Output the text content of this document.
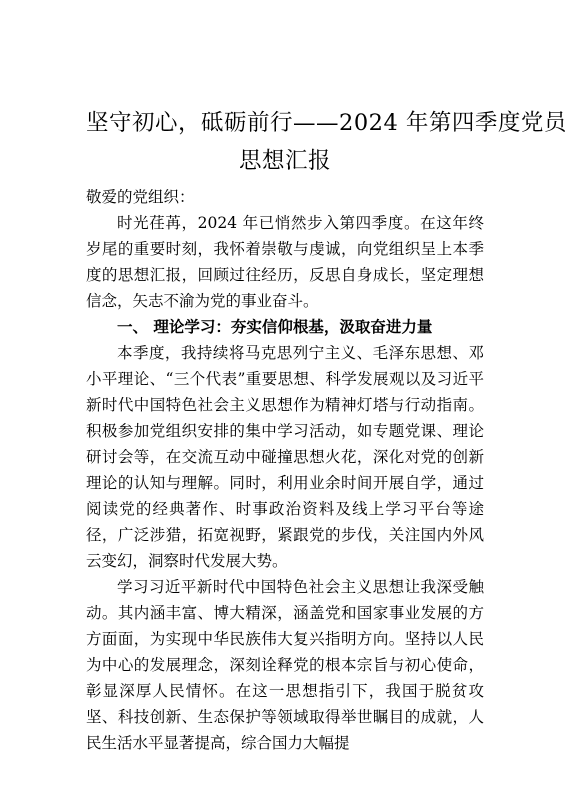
坚守初心，砥砺前行——2024 年第四季度党员
思想汇报

敬爱的党组织：

时光荏苒，2024 年已悄然步入第四季度。在这年终岁尾的重要时刻，我怀着崇敬与虔诚，向党组织呈上本季度的思想汇报，回顾过往经历，反思自身成长，坚定理想信念，矢志不渝为党的事业奋斗。

一、 理论学习：夯实信仰根基，汲取奋进力量

本季度，我持续将马克思列宁主义、毛泽东思想、邓小平理论、“三个代表”重要思想、科学发展观以及习近平新时代中国特色社会主义思想作为精神灯塔与行动指南。积极参加党组织安排的集中学习活动，如专题党课、理论研讨会等，在交流互动中碰撞思想火花，深化对党的创新理论的认知与理解。同时，利用业余时间开展自学，通过阅读党的经典著作、时事政治资料及线上学习平台等途径，广泛涉猎，拓宽视野，紧跟党的步伐，关注国内外风云变幻，洞察时代发展大势。

学习习近平新时代中国特色社会主义思想让我深受触动。其内涵丰富、博大精深，涵盖党和国家事业发展的方方面面，为实现中华民族伟大复兴指明方向。坚持以人民为中心的发展理念，深刻诠释党的根本宗旨与初心使命，彰显深厚人民情怀。在这一思想指引下，我国于脱贫攻坚、科技创新、生态保护等领域取得举世瞩目的成就，人民生活水平显著提高，综合国力大幅提
